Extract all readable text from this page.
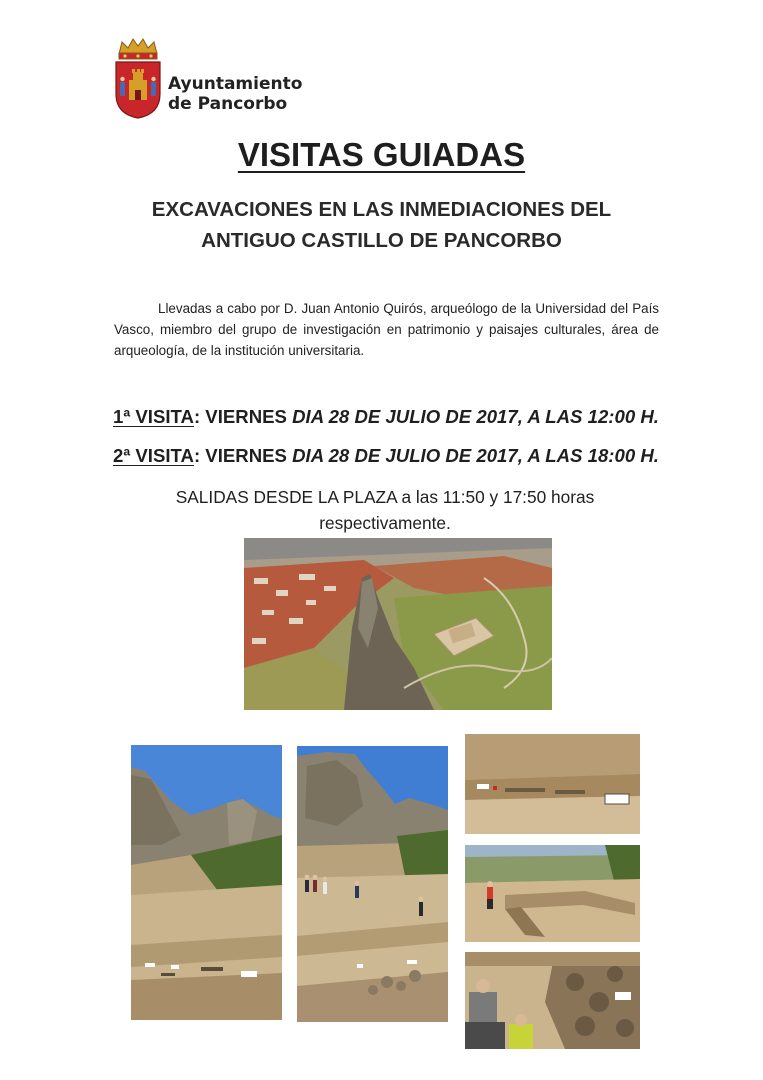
Ayuntamiento
de Pancorbo
VISITAS GUIADAS
EXCAVACIONES EN LAS INMEDIACIONES DEL
ANTIGUO CASTILLO DE PANCORBO
Llevadas a cabo por D. Juan Antonio Quirós, arqueólogo de la Universidad del País Vasco, miembro del grupo de investigación en patrimonio y paisajes culturales, área de arqueología, de la institución universitaria.
1ª VISITA: VIERNES DIA 28 DE JULIO DE 2017, A LAS 12:00 H.
2ª VISITA: VIERNES DIA 28 DE JULIO DE 2017, A LAS 18:00 H.
SALIDAS DESDE LA PLAZA a las 11:50 y 17:50 horas respectivamente.
